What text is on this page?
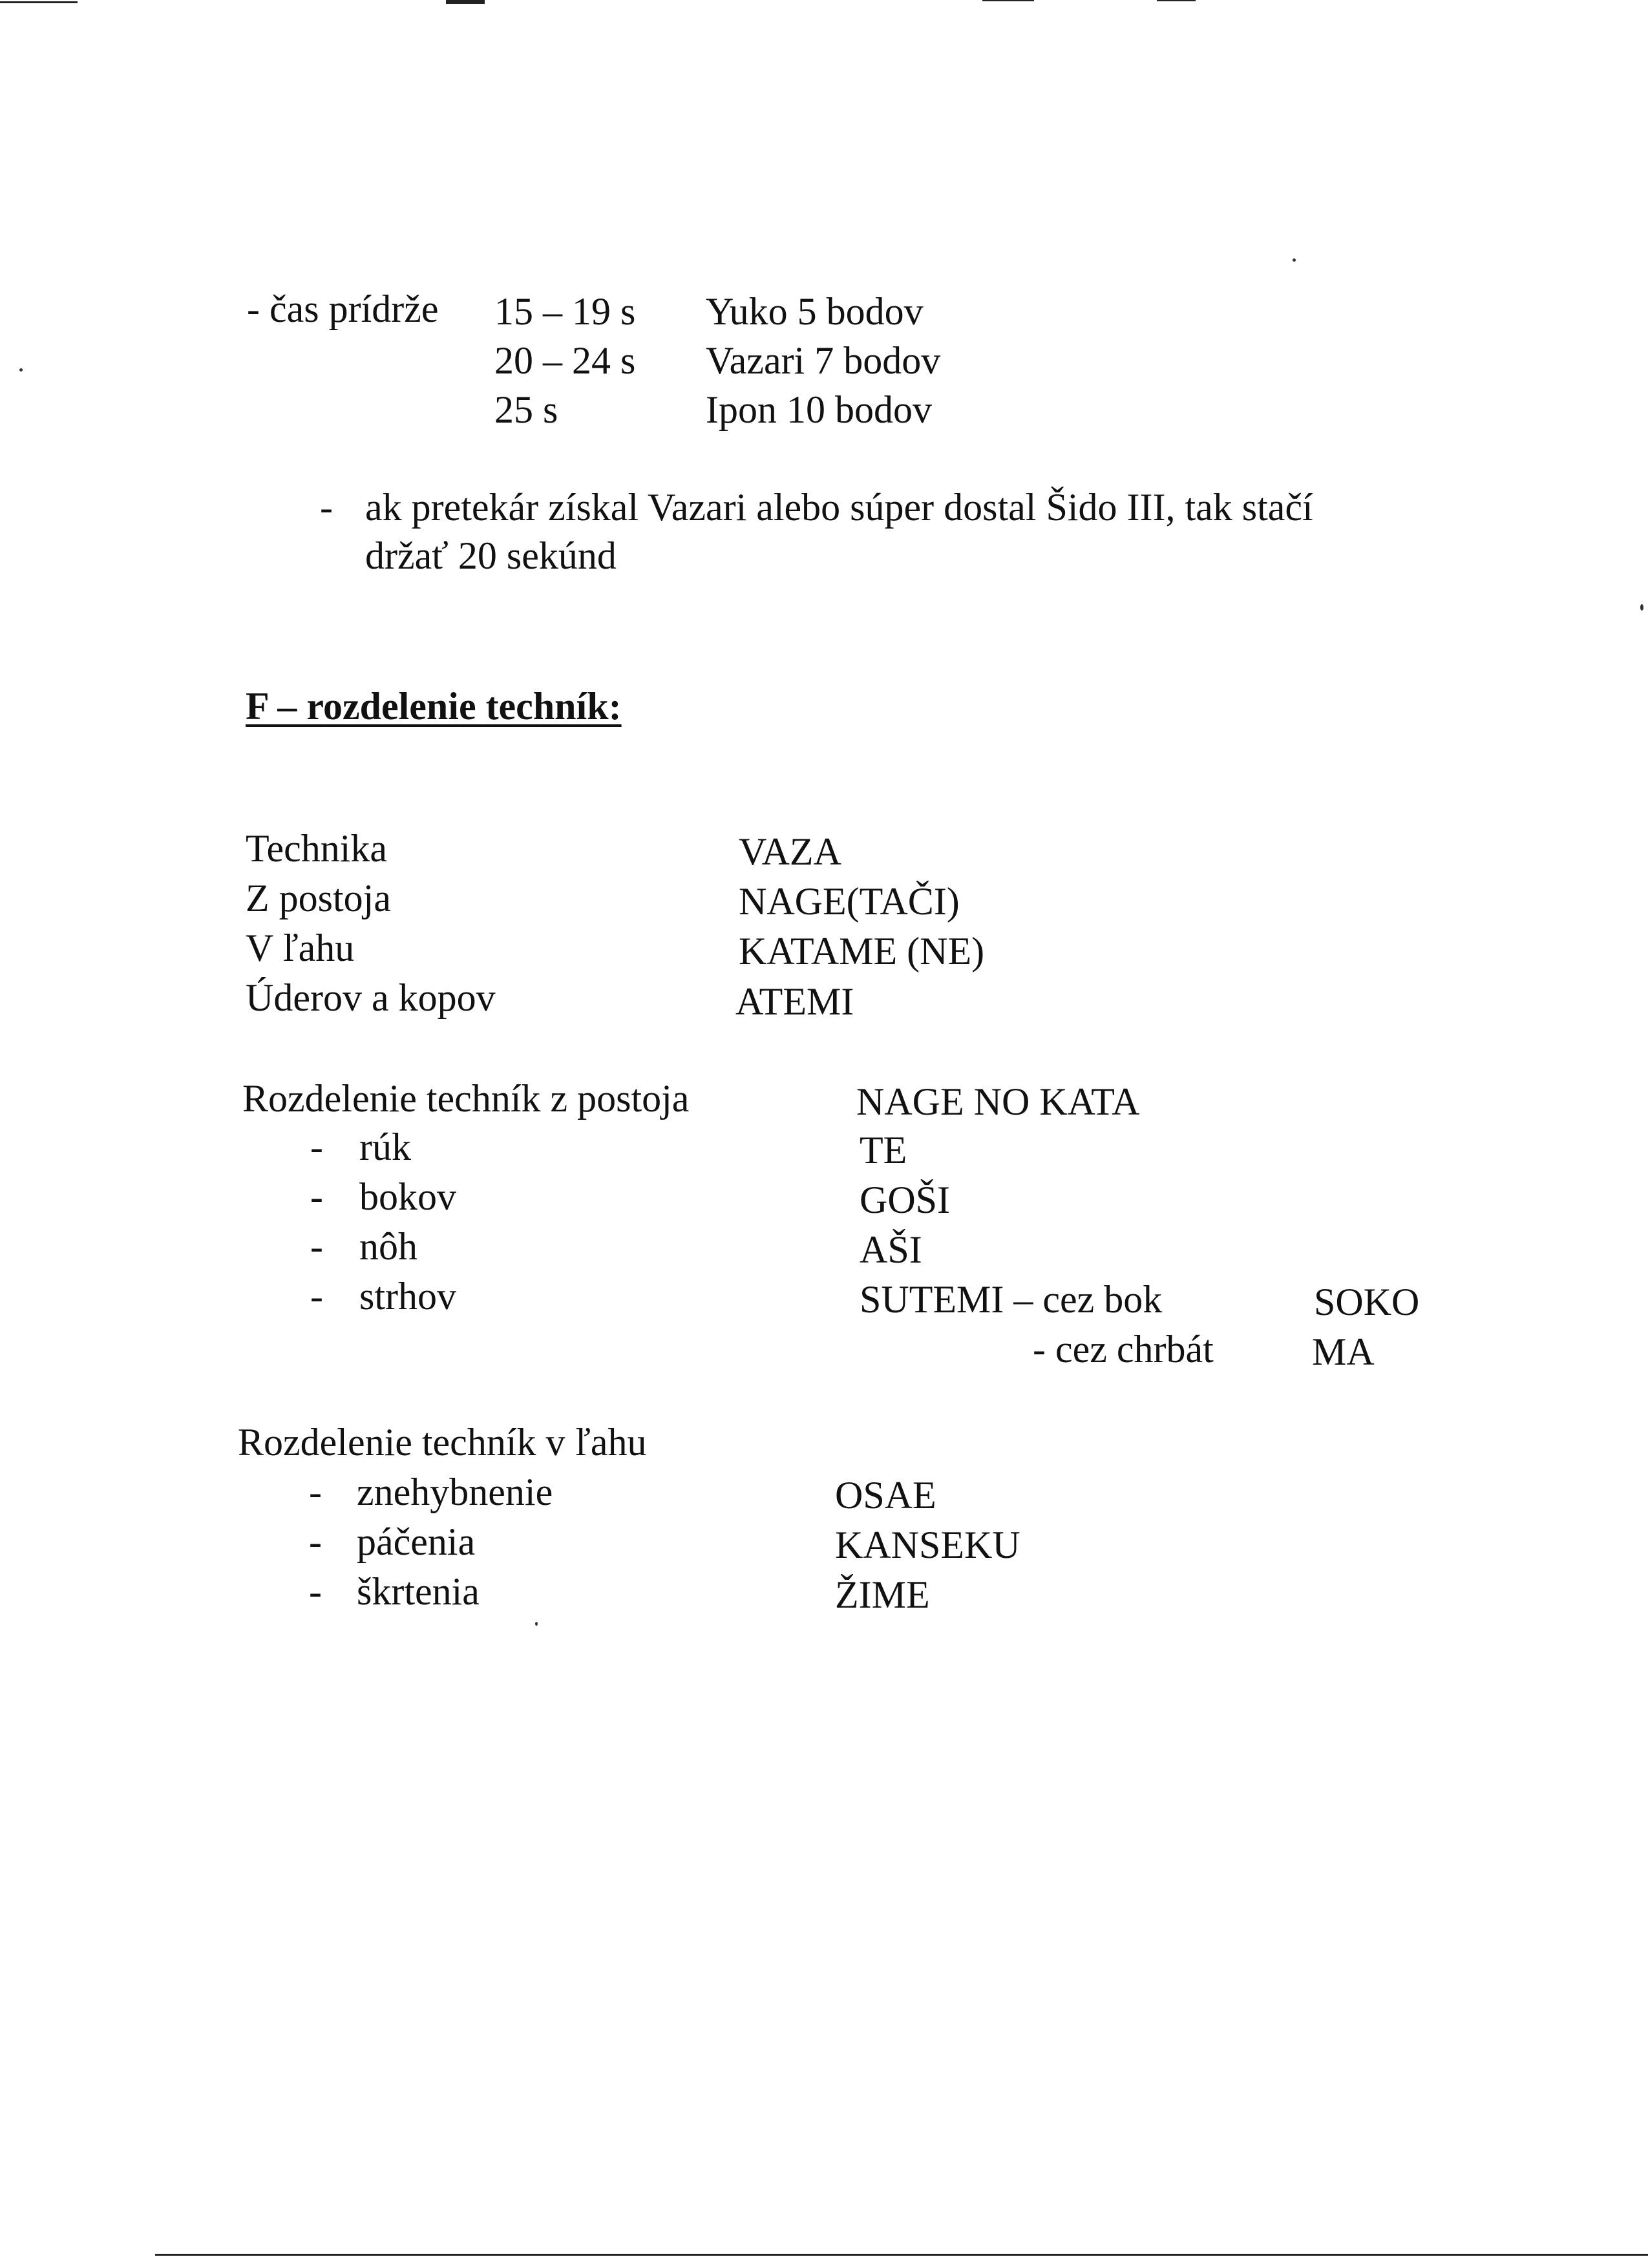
- čas prídrže 15 – 19 s Yuko 5 bodov
20 – 24 s Vazari 7 bodov
25 s	Ipon 10 bodov
- ak pretekár získal Vazari alebo súper dostal Šido III, tak stačí
držať 20 sekúnd
F – rozdelenie techník:
Technika	VAZA
Z postoja	NAGE(TAČI)
V ľahu	KATAME (NE)
Úderov a kopov	ATEMI
Rozdelenie techník z postoja	NAGE NO KATA
- rúk	TE
- bokov	GOŠI
- nôh	AŠI
- strhov	SUTEMI – cez bok	SOKO
- cez chrbát	MA
Rozdelenie techník v ľahu
- znehybnenie	OSAE
- páčenia	KANSEKU
- škrtenia	ŽIME
